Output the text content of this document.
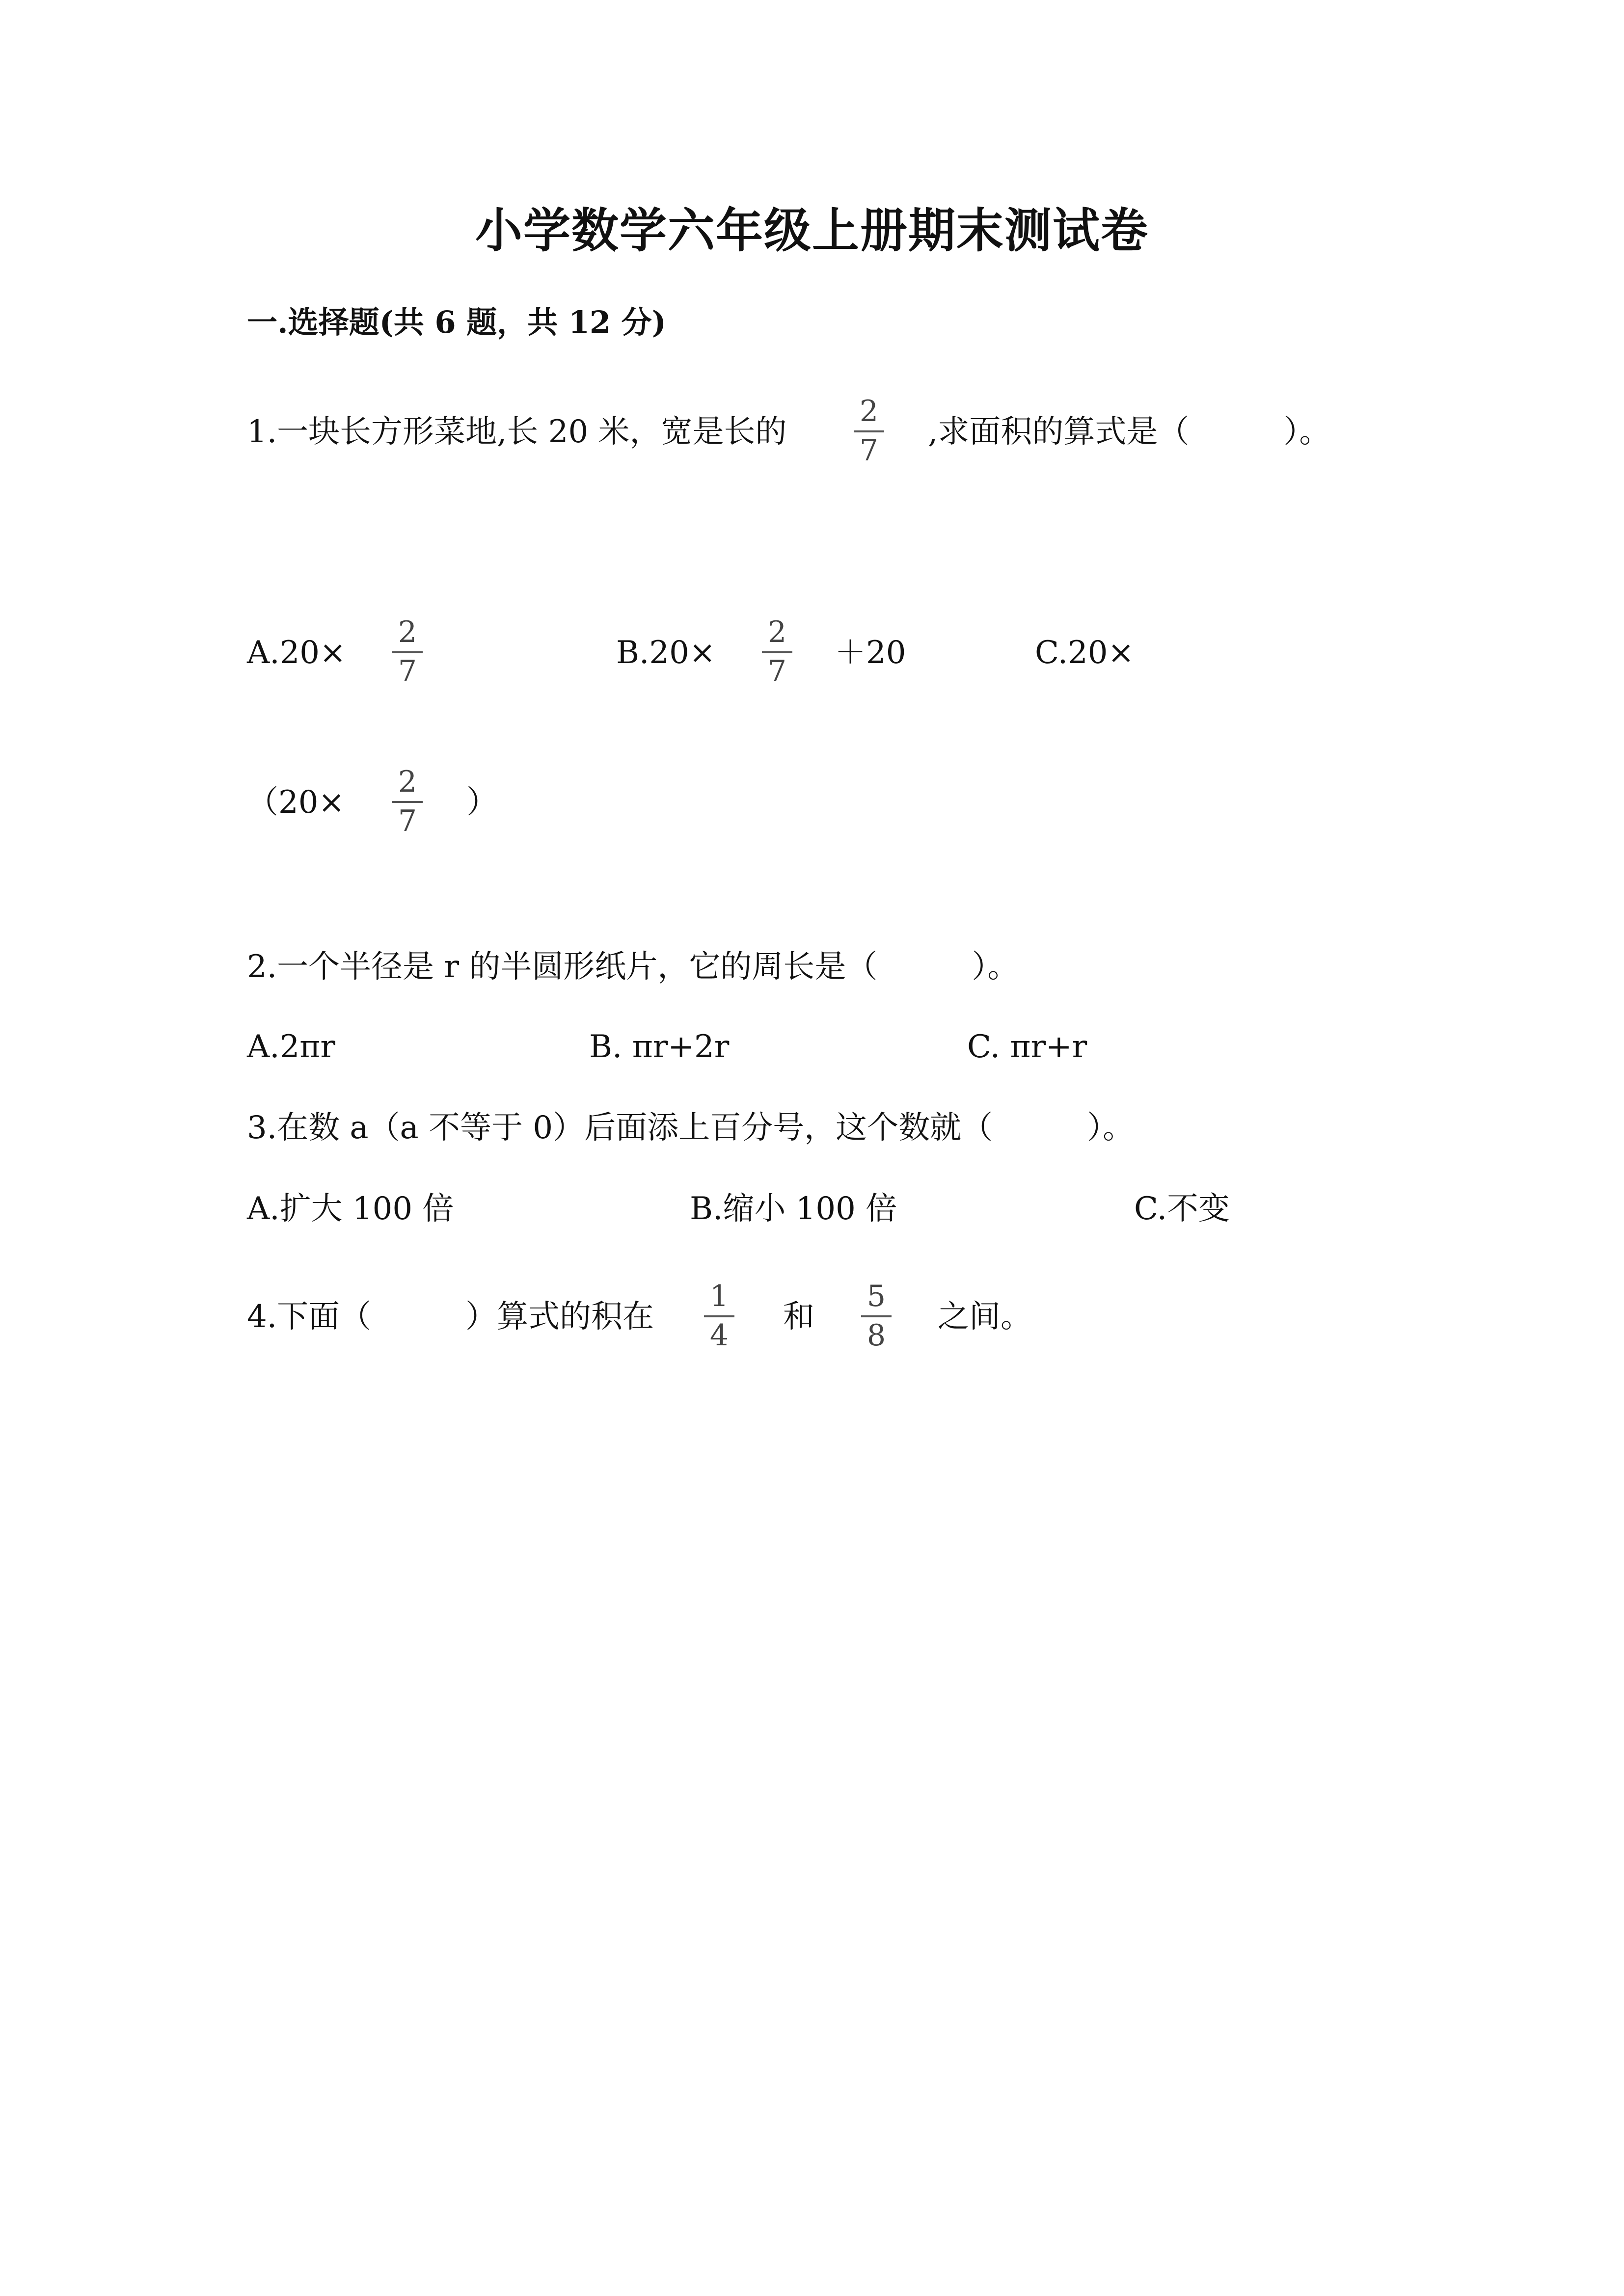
小学数学六年级上册期末测试卷
一.选择题(共 6 题，共 12 分)
1.一块长方形菜地,长 20 米，宽是长的
2
7
,求面积的算式是（　　　）。
A.20×
2
7
B.20×
2
7
＋20	C.20×
（20×
2
7
）
2.一个半径是 r 的半圆形纸片，它的周长是（　　　）。
A.2πr	B. πr+2r	C. πr+r
3.在数 a（a 不等于 0）后面添上百分号，这个数就（　　　）。
A.扩大 100 倍	B.缩小 100 倍	C.不变
4.下面（　　　）算式的积在
1
4
和
5
8
之间。
